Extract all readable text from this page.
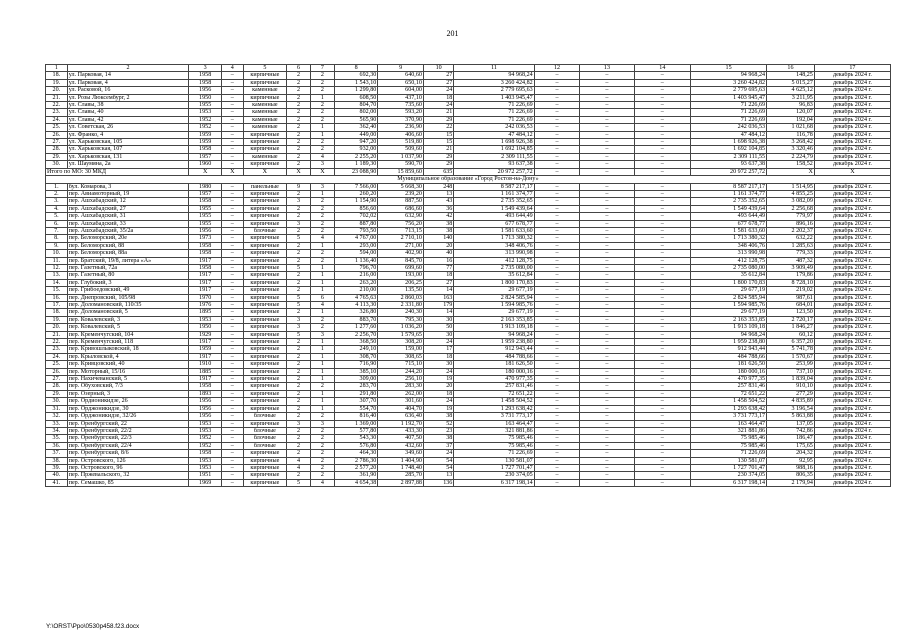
201
1	2	3	4	5	6	7	8	9	10	11	12	13	14	15	16	17
18.	ул. Парковая, 14	1958	–	кирпичные	2	2	692,30	640,60	27	94 968,24	–	–	–	94 968,24	148,25	декабрь 2024 г.
19.	ул. Парковая, 4	1958	–	кирпичные	2	2	1 543,10	650,10	27	3 260 424,82	–	–	–	3 260 424,82	5 015,27	декабрь 2024 г.
20.	ул. Расковой, 16	1956	–	каменные	2	2	1 299,80	604,00	24	2 779 695,63	–	–	–	2 779 695,63	4 625,12	декабрь 2024 г.
21.	ул. Розы Люксембург, 2	1950	–	кирпичные	2	1	608,50	437,10	18	1 403 945,47	–	–	–	1 403 945,47	3 211,95	декабрь 2024 г.
22.	ул. Славы, 38	1955	–	каменные	2	2	804,70	735,60	24	71 226,69	–	–	–	71 226,69	96,83	декабрь 2024 г.
23.	ул. Славы, 40	1953	–	каменные	2	2	802,00	593,20	21	71 226,69	–	–	–	71 226,69	120,07	декабрь 2024 г.
24.	ул. Славы, 42	1952	–	каменные	2	2	565,90	370,90	29	71 226,69	–	–	–	71 226,69	192,04	декабрь 2024 г.
25.	ул. Советская, 26	1952	–	каменные	2	1	362,40	236,90	22	242 036,53	–	–	–	242 036,53	1 021,68	декабрь 2024 г.
26.	ул. Франко, 4	1959	–	кирпичные	2	1	449,00	406,60	15	47 484,12	–	–	–	47 484,12	116,78	декабрь 2024 г.
27.	ул. Харьковская, 105	1959	–	кирпичные	2	2	947,20	519,80	15	1 698 926,38	–	–	–	1 698 926,38	3 268,42	декабрь 2024 г.
28.	ул. Харьковская, 107	1958	–	кирпичные	2	2	932,00	509,60	21	1 692 104,85	–	–	–	1 692 104,85	3 320,46	декабрь 2024 г.
29.	ул. Харьковская, 131	1957	–	каменные	2	4	2 255,20	1 037,90	29	2 309 111,55	–	–	–	2 309 111,55	2 224,79	декабрь 2024 г.
30.	ул. Шаумяна, 2а	1960	–	кирпичные	2	3	1 189,30	590,70	29	93 637,38	–	–	–	93 637,38	158,52	декабрь 2024 г.
Итого по МО: 30 МКД		X	X	X	X	X	23 088,90	15 859,60	635	20 972 257,72	–	–	–	20 972 257,72	X	X
Муниципальное образование «Город Ростов-на-Дону»																
1.	бул. Комарова, 3	1980	–	панельные	9	3	7 566,00	5 668,30	248	8 587 217,17	–	–	–	8 587 217,17	1 514,95	декабрь 2024 г.
2.	пер. Авиамоторный, 19	1957	–	кирпичные	2	1	260,20	239,20	13	1 161 374,77	–	–	–	1 161 374,77	4 855,25	декабрь 2024 г.
3.	пер. Ашхабадский, 12	1958	–	кирпичные	3	2	1 154,90	887,50	43	2 735 352,65	–	–	–	2 735 352,65	3 082,09	декабрь 2024 г.
4.	пер. Ашхабадский, 27	1955	–	кирпичные	2	2	856,60	686,60	36	1 549 439,64	–	–	–	1 549 439,64	2 256,68	декабрь 2024 г.
5.	пер. Ашхабадский, 31	1955	–	кирпичные	2	2	702,02	632,90	42	493 644,49	–	–	–	493 644,49	779,97	декабрь 2024 г.
6.	пер. Ашхабадский, 33	1955	–	кирпичные	3	2	887,80	756,20	38	677 678,77	–	–	–	677 678,77	896,16	декабрь 2024 г.
7.	пер. Ашхабадский, 35/2а	1956	–	блочные	2	2	793,50	713,15	38	1 581 633,60	–	–	–	1 581 633,60	2 202,37	декабрь 2024 г.
8.	пер. Беломорский, 20е	1973	–	кирпичные	5	4	4 767,00	2 710,10	140	1 713 380,32	–	–	–	1 713 380,32	632,22	декабрь 2024 г.
9.	пер. Беломорский, 88	1958	–	кирпичные	2	1	293,00	271,00	20	348 406,76	–	–	–	348 406,76	1 285,63	декабрь 2024 г.
10.	пер. Беломорский, 88а	1958	–	кирпичные	2	2	594,00	402,90	40	313 990,98	–	–	–	313 990,98	779,33	декабрь 2024 г.
11.	пер. Братский, 19/8, литера «А»	1917	–	кирпичные	2	2	1 136,40	845,70	16	412 128,75	–	–	–	412 128,75	487,32	декабрь 2024 г.
12.	пер. Газетный, 72а	1958	–	кирпичные	5	1	796,70	699,60	77	2 735 080,00	–	–	–	2 735 080,00	3 909,49	декабрь 2024 г.
13.	пер. Газетный, 80	1917	–	кирпичные	2	1	216,00	193,00	18	35 612,84	–	–	–	35 612,84	179,86	декабрь 2024 г.
14.	пер. Глубокий, 3	1917	–	кирпичные	2	1	263,20	206,25	27	1 800 170,83	–	–	–	1 800 170,83	8 728,10	декабрь 2024 г.
15.	пер. Грибоедовский, 49	1917	–	кирпичные	2	1	210,00	135,50	14	29 677,19	–	–	–	29 677,19	219,02	декабрь 2024 г.
16.	пер. Днепровский, 105/98	1970	–	кирпичные	5	6	4 765,63	2 860,03	163	2 824 585,94	–	–	–	2 824 585,94	987,61	декабрь 2024 г.
17.	пер. Доломановский, 110/35	1976	–	кирпичные	5	4	4 113,30	2 331,80	179	1 594 985,76	–	–	–	1 594 985,76	684,01	декабрь 2024 г.
18.	пер. Доломановский, 5	1895	–	кирпичные	2	1	326,80	240,30	14	29 677,19	–	–	–	29 677,19	123,50	декабрь 2024 г.
19.	пер. Ковалевский, 3	1953	–	кирпичные	3	2	883,70	795,30	30	2 163 353,85	–	–	–	2 163 353,85	2 720,17	декабрь 2024 г.
20.	пер. Ковалевский, 5	1950	–	кирпичные	3	2	1 277,60	1 036,20	50	1 913 109,18	–	–	–	1 913 109,18	1 846,27	декабрь 2024 г.
21.	пер. Кременчугский, 104	1929	–	кирпичные	5	3	2 256,70	1 579,65	30	94 968,24	–	–	–	94 968,24	60,12	декабрь 2024 г.
22.	пер. Кременчугский, 118	1917	–	кирпичные	2	1	368,50	308,20	24	1 959 238,80	–	–	–	1 959 238,80	6 357,20	декабрь 2024 г.
23.	пер. Кривошлыковский, 18	1959	–	кирпичные	2	1	249,10	159,00	17	912 943,44	–	–	–	912 943,44	5 741,78	декабрь 2024 г.
24.	пер. Крыловской, 4	1917	–	кирпичные	2	1	308,70	308,65	18	484 788,66	–	–	–	484 788,66	1 570,67	декабрь 2024 г.
25.	пер. Кривцовский, 40	1910	–	кирпичные	2	1	716,90	715,10	30	181 626,50	–	–	–	181 626,50	253,99	декабрь 2024 г.
26.	пер. Моторный, 15/16	1885	–	кирпичные	2	1	385,10	244,20	24	180 000,16	–	–	–	180 000,16	737,10	декабрь 2024 г.
27.	пер. Нахичеванский, 5	1917	–	кирпичные	2	1	309,00	256,10	19	470 977,35	–	–	–	470 977,35	1 839,04	декабрь 2024 г.
28.	пер. Обуховский, 7/3	1958	–	кирпичные	2	2	283,70	283,30	20	257 831,46	–	–	–	257 831,46	910,10	декабрь 2024 г.
29.	пер. Озерный, 3	1893	–	кирпичные	2	1	291,80	262,00	18	72 651,22	–	–	–	72 651,22	277,29	декабрь 2024 г.
30.	пер. Ордионикидзе, 26	1956	–	кирпичные	2	1	307,70	301,60	24	1 458 504,52	–	–	–	1 458 504,52	4 835,89	декабрь 2024 г.
31.	пер. Орджоникидзе, 30	1956	–	кирпичные	2	1	554,70	404,70	19	1 293 638,42	–	–	–	1 293 638,42	3 196,54	декабрь 2024 г.
32.	пер. Орджоникидзе, 32/26	1956	–	блочные	2	2	816,40	636,40	38	3 731 773,17	–	–	–	3 731 773,17	5 863,88	декабрь 2024 г.
33.	пер. Оренбургский, 22	1953	–	кирпичные	3	3	1 369,00	1 192,70	52	163 464,47	–	–	–	163 464,47	137,05	декабрь 2024 г.
34.	пер. Оренбургский, 22/2	1953	–	блочные	2	2	577,80	433,30	23	321 881,86	–	–	–	321 881,86	742,86	декабрь 2024 г.
35.	пер. Оренбургский, 22/3	1952	–	блочные	2	2	543,30	407,50	38	75 985,46	–	–	–	75 985,46	186,47	декабрь 2024 г.
36.	пер. Оренбургский, 22/4	1952	–	блочные	2	2	576,80	432,60	37	75 985,46	–	–	–	75 985,46	175,65	декабрь 2024 г.
37.	пер. Оренбургский, 8/6	1958	–	кирпичные	2	2	464,30	349,60	24	71 226,69	–	–	–	71 226,69	204,32	декабрь 2024 г.
38.	пер. Островского, 126	1953	–	кирпичные	4	2	2 786,30	1 404,90	54	130 581,07	–	–	–	130 581,07	92,95	декабрь 2024 г.
39.	пер. Островского, 96	1953	–	кирпичные	4	2	2 577,20	1 748,40	54	1 727 701,47	–	–	–	1 727 701,47	988,16	декабрь 2024 г.
40.	пер. Пржевальского, 32	1951	–	кирпичные	2	2	361,90	285,70	13	230 374,05	–	–	–	230 374,05	806,35	декабрь 2024 г.
41.	пер. Семашко, 85	1969	–	кирпичные	5	4	4 654,38	2 897,88	136	6 317 198,14	–	–	–	6 317 198,14	2 179,94	декабрь 2024 г.
Y:\ORST\Ppo\0530p458.f23.docx
